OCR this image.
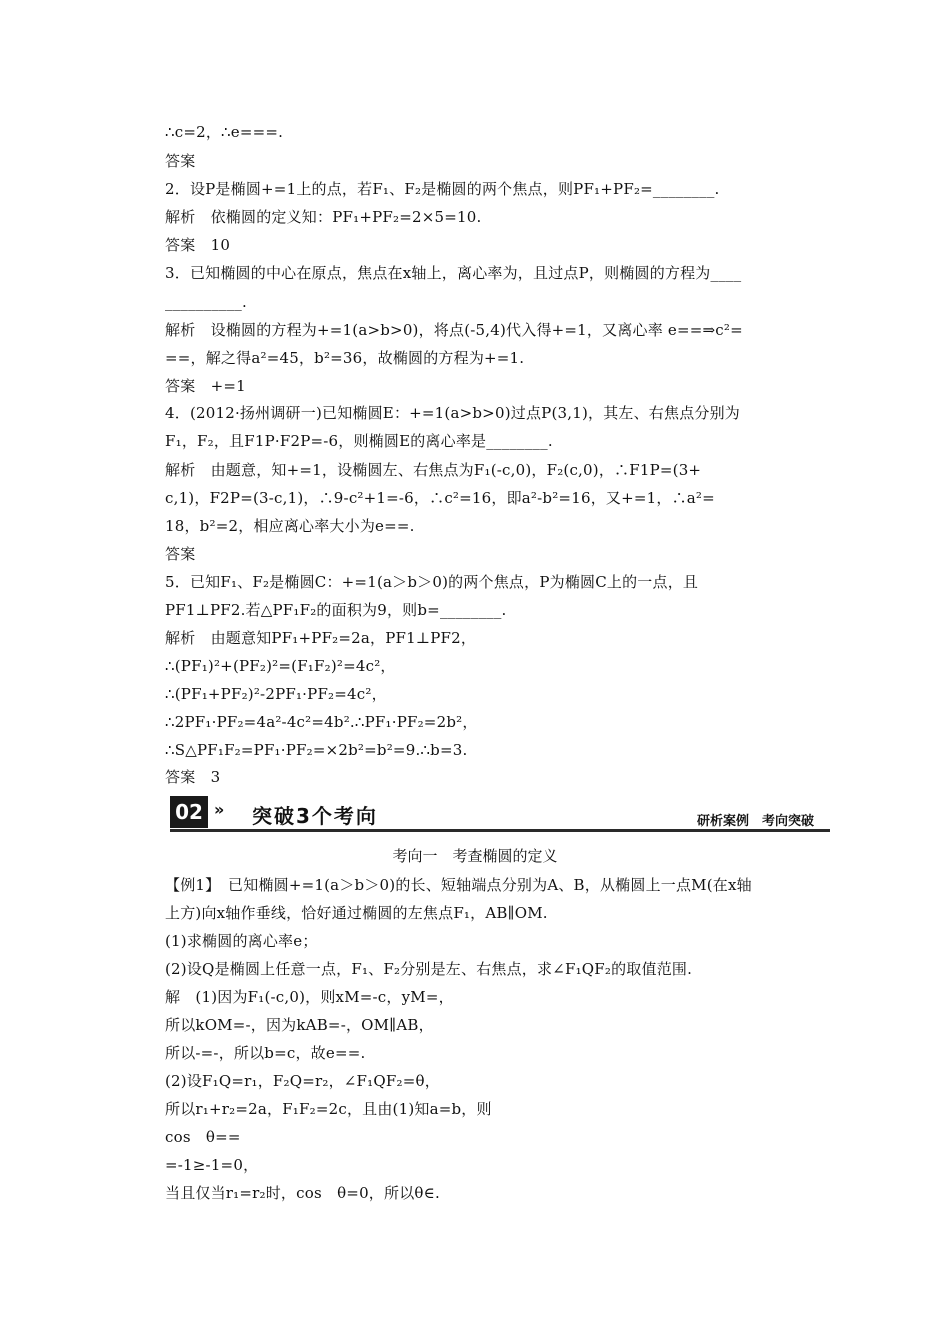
∴c=2，∴e===.
答案
2．设P是椭圆+=1上的点，若F₁、F₂是椭圆的两个焦点，则PF₁+PF₂=________.
解析　依椭圆的定义知：PF₁+PF₂=2×5=10.
答案　10
3．已知椭圆的中心在原点，焦点在x轴上，离心率为，且过点P，则椭圆的方程为____
__________.
解析　设椭圆的方程为+=1(a>b>0)，将点(-5,4)代入得+=1，又离心率 e==⇒c²=
==，解之得a²=45，b²=36，故椭圆的方程为+=1.
答案　+=1
4．(2012·扬州调研一)已知椭圆E：+=1(a>b>0)过点P(3,1)，其左、右焦点分别为
F₁，F₂，且F1P·F2P=-6，则椭圆E的离心率是________.
解析　由题意，知+=1，设椭圆左、右焦点为F₁(-c,0)，F₂(c,0)，∴F1P=(3+
c,1)，F2P=(3-c,1)，∴9-c²+1=-6，∴c²=16，即a²-b²=16，又+=1，∴a²=
18，b²=2，相应离心率大小为e==.
答案
5．已知F₁、F₂是椭圆C：+=1(a＞b＞0)的两个焦点，P为椭圆C上的一点，且
PF1⊥PF2.若△PF₁F₂的面积为9，则b=________.
解析　由题意知PF₁+PF₂=2a，PF1⊥PF2，
∴(PF₁)²+(PF₂)²=(F₁F₂)²=4c²，
∴(PF₁+PF₂)²-2PF₁·PF₂=4c²，
∴2PF₁·PF₂=4a²-4c²=4b².∴PF₁·PF₂=2b²，
∴S△PF₁F₂=PF₁·PF₂=×2b²=b²=9.∴b=3.
答案　3
02 » 突破3个考向	研析案例　考向突破
考向一　考查椭圆的定义
【例1】　已知椭圆+=1(a＞b＞0)的长、短轴端点分别为A、B，从椭圆上一点M(在x轴
上方)向x轴作垂线，恰好通过椭圆的左焦点F₁，AB∥OM.
(1)求椭圆的离心率e；
(2)设Q是椭圆上任意一点，F₁、F₂分别是左、右焦点，求∠F₁QF₂的取值范围.
解　(1)因为F₁(-c,0)，则xM=-c，yM=，
所以kOM=-，因为kAB=-，OM∥AB，
所以-=-，所以b=c，故e==.
(2)设F₁Q=r₁，F₂Q=r₂，∠F₁QF₂=θ，
所以r₁+r₂=2a，F₁F₂=2c，且由(1)知a=b，则
cos　θ==
=-1≥-1=0，
当且仅当r₁=r₂时，cos　θ=0，所以θ∈.
